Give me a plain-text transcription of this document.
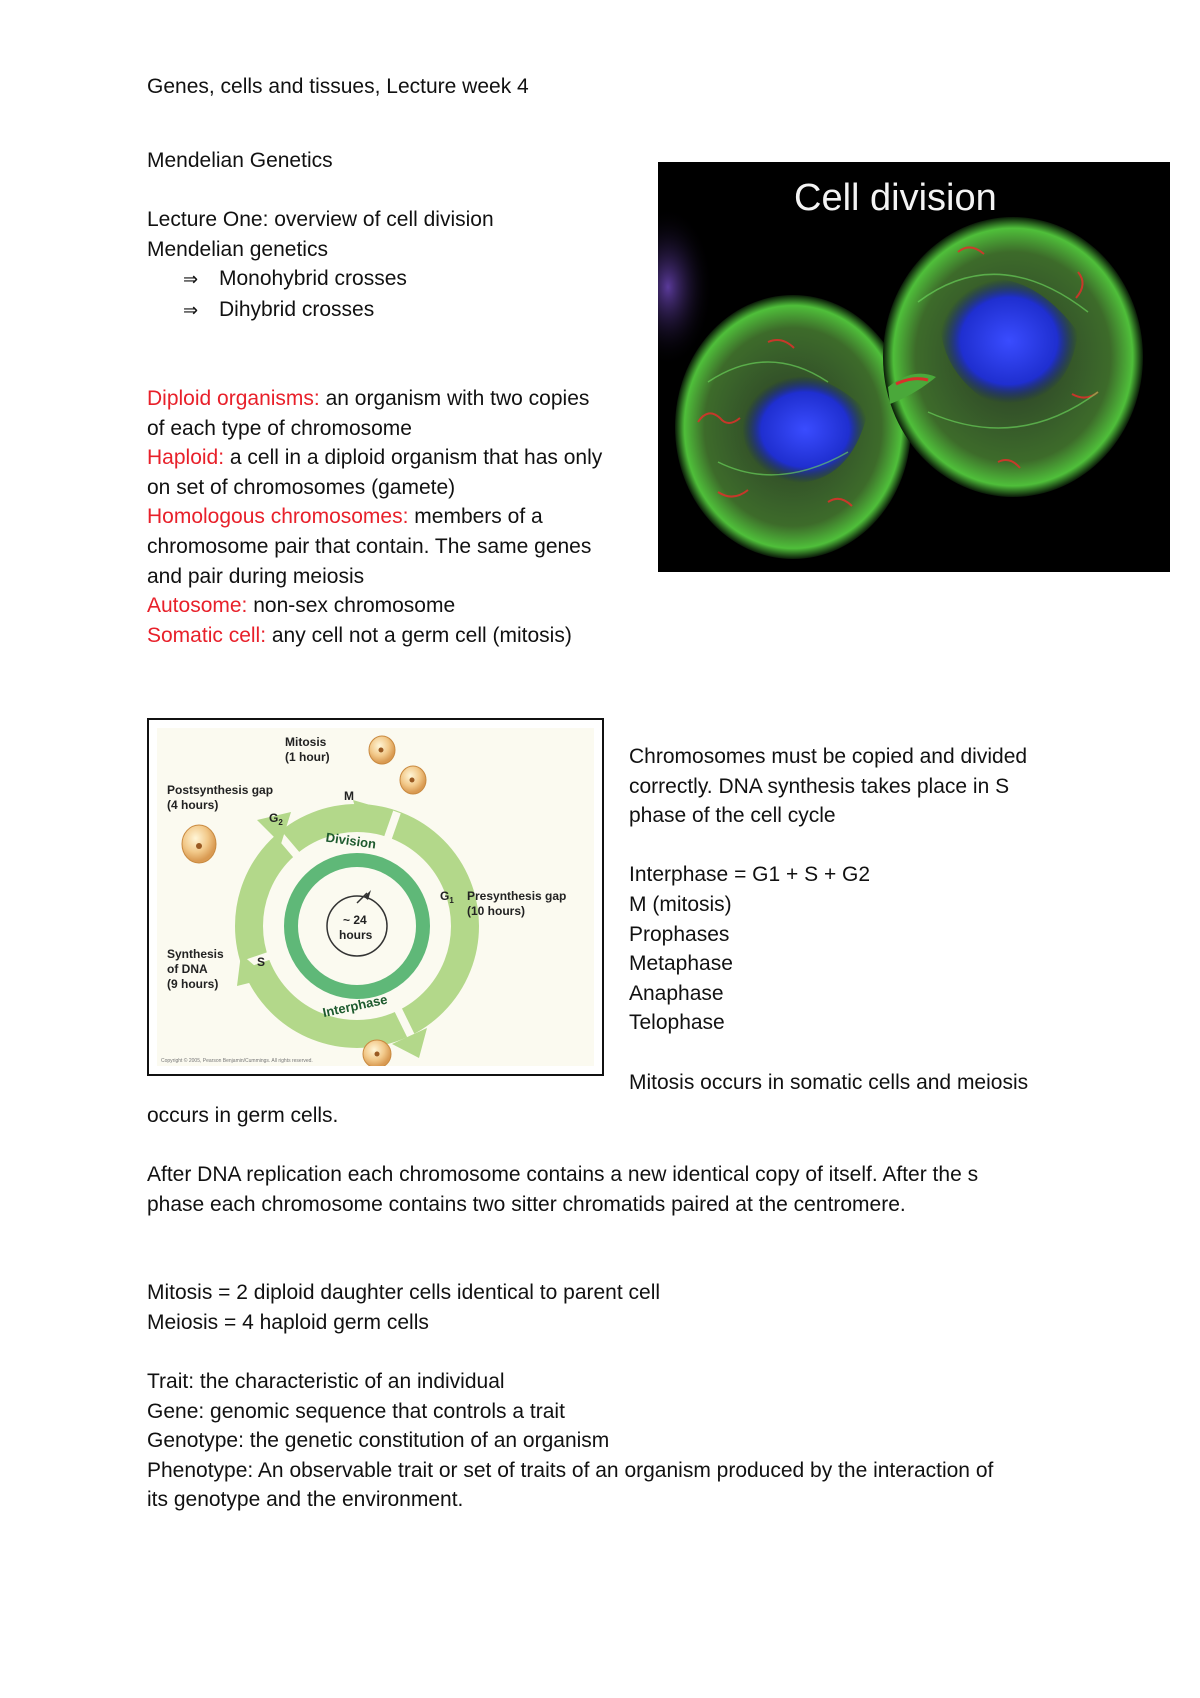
Genes, cells and tissues, Lecture week 4
Mendelian Genetics
Lecture One: overview of cell division
Mendelian genetics
⇒ Monohybrid crosses
⇒ Dihybrid crosses
Diploid organisms: an organism with two copies
of each type of chromosome
Haploid: a cell in a diploid organism that has only
on set of chromosomes (gamete)
Homologous chromosomes: members of a
chromosome pair that contain. The same genes
and pair during meiosis
Autosome: non-sex chromosome
Somatic cell: any cell not a germ cell (mitosis)
Cell division
Mitosis
(1 hour)
Postsynthesis gap
(4 hours)
Presynthesis gap
(10 hours)
Synthesis
of DNA
(9 hours)
M
$G_2$
$G_1$
S
Division
Interphase
~ 24
hours
Copyright © 2005, Pearson Benjamin/Cummings. All rights reserved.
Chromosomes must be copied and divided
correctly. DNA synthesis takes place in S
phase of the cell cycle

Interphase = G1 + S + G2
M (mitosis)
Prophases
Metaphase
Anaphase
Telophase

Mitosis occurs in somatic cells and meiosis
occurs in germ cells.
After DNA replication each chromosome contains a new identical copy of itself. After the s
phase each chromosome contains two sitter chromatids paired at the centromere.
Mitosis = 2 diploid daughter cells identical to parent cell
Meiosis = 4 haploid germ cells
Trait: the characteristic of an individual
Gene: genomic sequence that controls a trait
Genotype: the genetic constitution of an organism
Phenotype: An observable trait or set of traits of an organism produced by the interaction of
its genotype and the environment.
